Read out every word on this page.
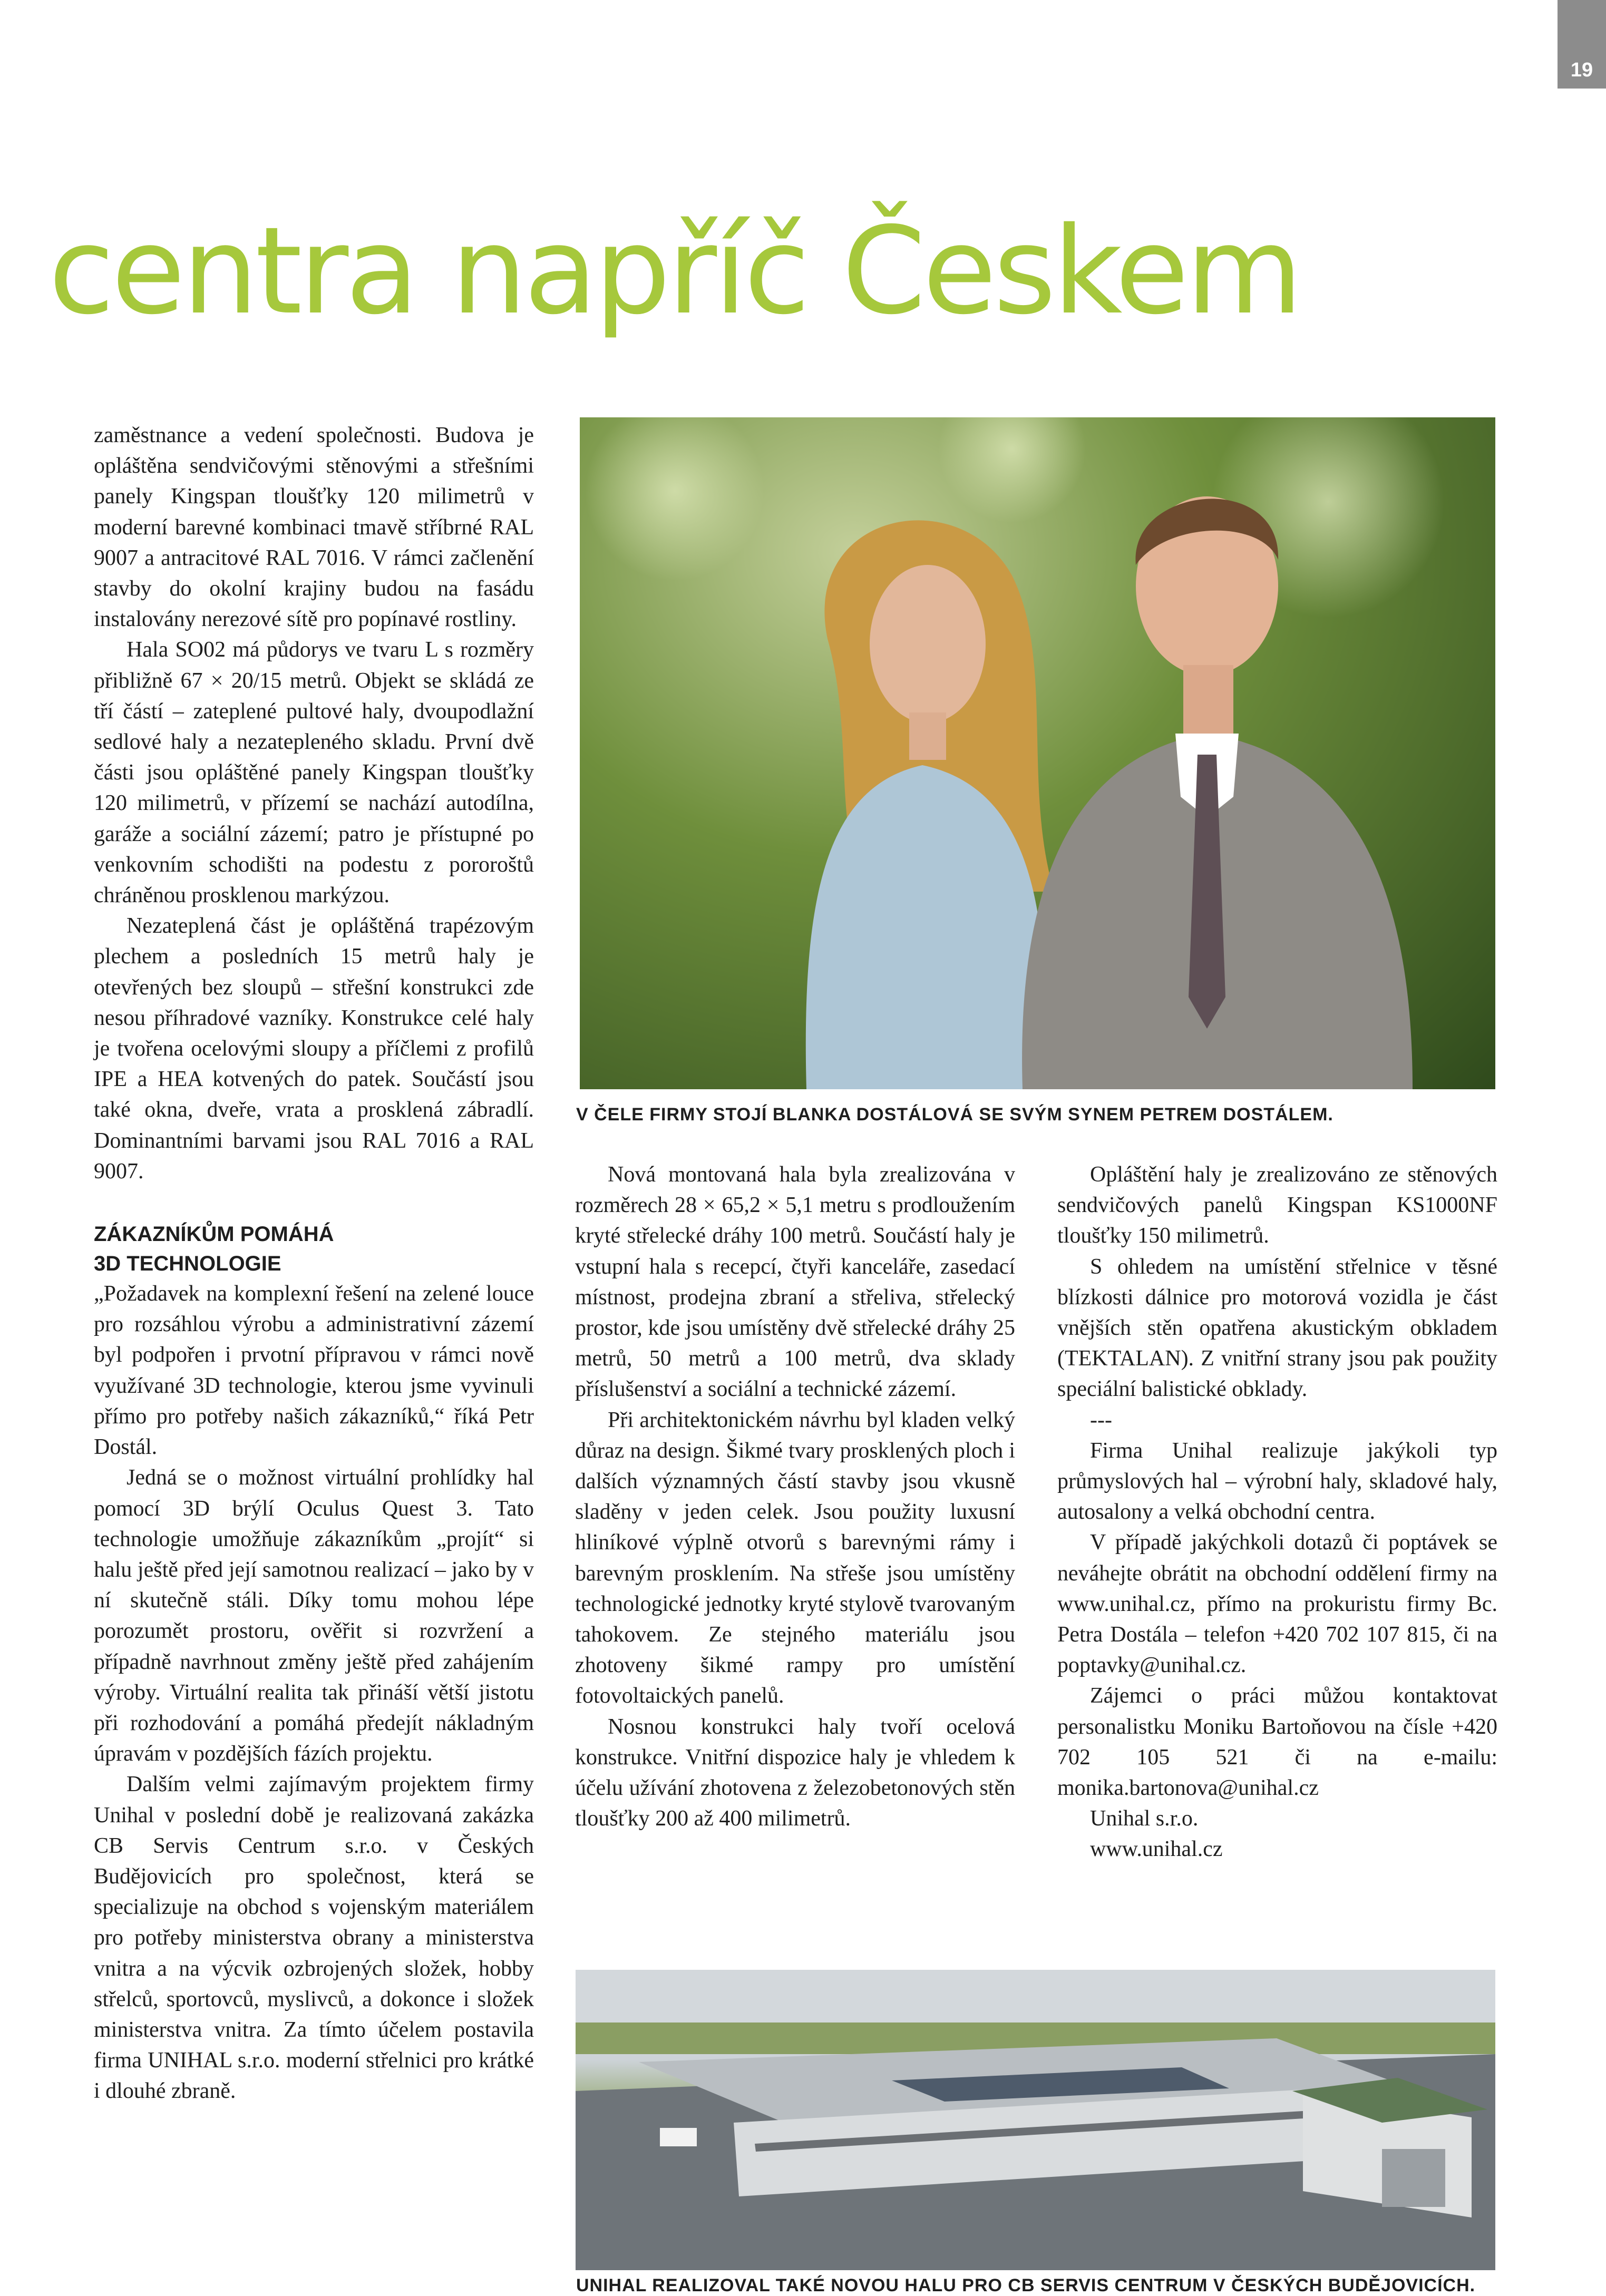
19
centra napříč Českem

zaměstnance a vedení společnosti. Budova je opláštěna sendvičovými stěnovými a střešními panely Kingspan tloušťky 120 milimetrů v moderní barevné kombinaci tmavě stříbrné RAL 9007 a antracitové RAL 7016. V rámci začlenění stavby do okolní krajiny budou na fasádu instalovány nerezové sítě pro popínavé rostliny.

Hala SO02 má půdorys ve tvaru L s rozměry přibližně 67 × 20/15 metrů. Objekt se skládá ze tří částí – zateplené pultové haly, dvoupodlažní sedlové haly a nezatepleného skladu. První dvě části jsou opláštěné panely Kingspan tloušťky 120 milimetrů, v přízemí se nachází autodílna, garáže a sociální zázemí; patro je přístupné po venkovním schodišti na podestu z pororoštů chráněnou prosklenou markýzou.

Nezateplená část je opláštěná trapézovým plechem a posledních 15 metrů haly je otevřených bez sloupů – střešní konstrukci zde nesou příhradové vazníky. Konstrukce celé haly je tvořena ocelovými sloupy a příčlemi z profilů IPE a HEA kotvených do patek. Součástí jsou také okna, dveře, vrata a prosklená zábradlí. Dominantními barvami jsou RAL 7016 a RAL 9007.

ZÁKAZNÍKŮM POMÁHÁ
3D TECHNOLOGIE

„Požadavek na komplexní řešení na zelené louce pro rozsáhlou výrobu a administrativní zázemí byl podpořen i prvotní přípravou v rámci nově využívané 3D technologie, kterou jsme vyvinuli přímo pro potřeby našich zákazníků,“ říká Petr Dostál.

Jedná se o možnost virtuální prohlídky hal pomocí 3D brýlí Oculus Quest 3. Tato technologie umožňuje zákazníkům „projít“ si halu ještě před její samotnou realizací – jako by v ní skutečně stáli. Díky tomu mohou lépe porozumět prostoru, ověřit si rozvržení a případně navrhnout změny ještě před zahájením výroby. Virtuální realita tak přináší větší jistotu při rozhodování a pomáhá předejít nákladným úpravám v pozdějších fázích projektu.

Dalším velmi zajímavým projektem firmy Unihal v poslední době je realizovaná zakázka CB Servis Centrum s.r.o. v Českých Budějovicích pro společnost, která se specializuje na obchod s vojenským materiálem pro potřeby ministerstva obrany a ministerstva vnitra a na výcvik ozbrojených složek, hobby střelců, sportovců, myslivců, a dokonce i složek ministerstva vnitra. Za tímto účelem postavila firma UNIHAL s.r.o. moderní střelnici pro krátké i dlouhé zbraně.

V ČELE FIRMY STOJÍ BLANKA DOSTÁLOVÁ SE SVÝM SYNEM PETREM DOSTÁLEM.

Nová montovaná hala byla zrealizována v rozměrech 28 × 65,2 × 5,1 metru s prodloužením kryté střelecké dráhy 100 metrů. Součástí haly je vstupní hala s recepcí, čtyři kanceláře, zasedací místnost, prodejna zbraní a střeliva, střelecký prostor, kde jsou umístěny dvě střelecké dráhy 25 metrů, 50 metrů a 100 metrů, dva sklady příslušenství a sociální a technické zázemí.

Při architektonickém návrhu byl kladen velký důraz na design. Šikmé tvary prosklených ploch i dalších významných částí stavby jsou vkusně sladěny v jeden celek. Jsou použity luxusní hliníkové výplně otvorů s barevnými rámy i barevným prosklením. Na střeše jsou umístěny technologické jednotky kryté stylově tvarovaným tahokovem. Ze stejného materiálu jsou zhotoveny šikmé rampy pro umístění fotovoltaických panelů.

Nosnou konstrukci haly tvoří ocelová konstrukce. Vnitřní dispozice haly je vhledem k účelu užívání zhotovena z železobetonových stěn tloušťky 200 až 400 milimetrů.

Opláštění haly je zrealizováno ze stěnových sendvičových panelů Kingspan KS1000NF tloušťky 150 milimetrů.

S ohledem na umístění střelnice v těsné blízkosti dálnice pro motorová vozidla je část vnějších stěn opatřena akustickým obkladem (TEKTALAN). Z vnitřní strany jsou pak použity speciální balistické obklady.

---

Firma Unihal realizuje jakýkoli typ průmyslových hal – výrobní haly, skladové haly, autosalony a velká obchodní centra.

V případě jakýchkoli dotazů či poptávek se neváhejte obrátit na obchodní oddělení firmy na www.unihal.cz, přímo na prokuristu firmy Bc. Petra Dostála – telefon +420 702 107 815, či na poptavky@unihal.cz.

Zájemci o práci můžou kontaktovat personalistku Moniku Bartoňovou na čísle +420 702 105 521 či na e-mailu: monika.bartonova@unihal.cz

Unihal s.r.o.

www.unihal.cz

UNIHAL REALIZOVAL TAKÉ NOVOU HALU PRO CB SERVIS CENTRUM V ČESKÝCH BUDĚJOVICÍCH.
